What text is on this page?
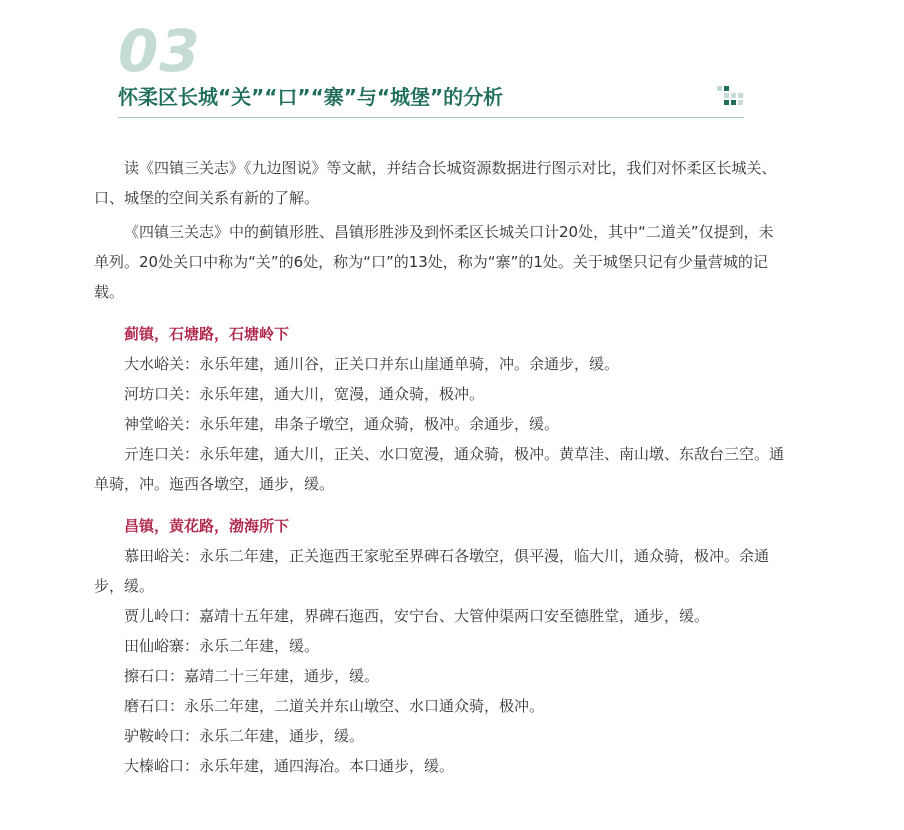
03
怀柔区长城“关”“口”“寨”与“城堡”的分析

读《四镇三关志》《九边图说》等文献，并结合长城资源数据进行图示对比，我们对怀柔区长城关、口、城堡的空间关系有新的了解。

《四镇三关志》中的蓟镇形胜、昌镇形胜涉及到怀柔区长城关口计20处，其中“二道关”仅提到，未单列。20处关口中称为“关”的6处，称为“口”的13处，称为“寨”的1处。关于城堡只记有少量营城的记载。

蓟镇，石塘路，石塘岭下

大水峪关：永乐年建，通川谷，正关口并东山崖通单骑，冲。余通步，缓。

河坊口关：永乐年建，通大川，宽漫，通众骑，极冲。

神堂峪关：永乐年建，串条子墩空，通众骑，极冲。余通步，缓。

亓连口关：永乐年建，通大川，正关、水口宽漫，通众骑，极冲。黄草洼、南山墩、东敌台三空。通单骑，冲。迤西各墩空，通步，缓。

昌镇，黄花路，渤海所下

慕田峪关：永乐二年建，正关迤西王家驼至界碑石各墩空，俱平漫，临大川，通众骑，极冲。余通步，缓。

贾儿岭口：嘉靖十五年建，界碑石迤西，安宁台、大管仲渠两口安至德胜堂，通步，缓。

田仙峪寨：永乐二年建，缓。

擦石口：嘉靖二十三年建，通步，缓。

磨石口：永乐二年建，二道关并东山墩空、水口通众骑，极冲。

驴鞍岭口：永乐二年建，通步，缓。

大榛峪口：永乐年建，通四海冶。本口通步，缓。
